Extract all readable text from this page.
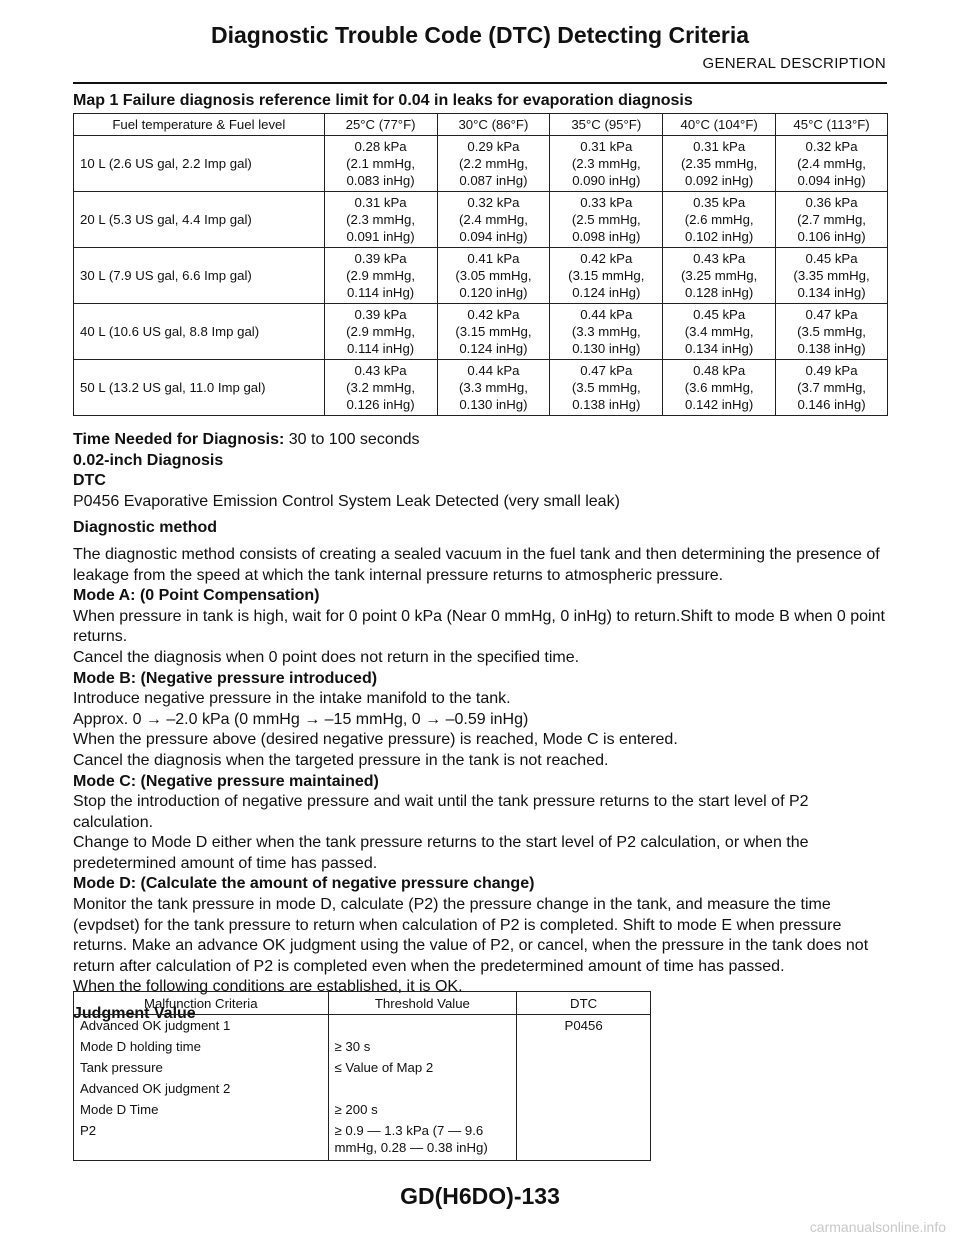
Diagnostic Trouble Code (DTC) Detecting Criteria
GENERAL DESCRIPTION
Map 1 Failure diagnosis reference limit for 0.04 in leaks for evaporation diagnosis
Fuel temperature & Fuel level	25°C (77°F)	30°C (86°F)	35°C (95°F)	40°C (104°F)	45°C (113°F)
10 L (2.6 US gal, 2.2 Imp gal)	0.28 kPa
(2.1 mmHg,
0.083 inHg)	0.29 kPa
(2.2 mmHg,
0.087 inHg)	0.31 kPa
(2.3 mmHg,
0.090 inHg)	0.31 kPa
(2.35 mmHg,
0.092 inHg)	0.32 kPa
(2.4 mmHg,
0.094 inHg)
20 L (5.3 US gal, 4.4 Imp gal)	0.31 kPa
(2.3 mmHg,
0.091 inHg)	0.32 kPa
(2.4 mmHg,
0.094 inHg)	0.33 kPa
(2.5 mmHg,
0.098 inHg)	0.35 kPa
(2.6 mmHg,
0.102 inHg)	0.36 kPa
(2.7 mmHg,
0.106 inHg)
30 L (7.9 US gal, 6.6 Imp gal)	0.39 kPa
(2.9 mmHg,
0.114 inHg)	0.41 kPa
(3.05 mmHg,
0.120 inHg)	0.42 kPa
(3.15 mmHg,
0.124 inHg)	0.43 kPa
(3.25 mmHg,
0.128 inHg)	0.45 kPa
(3.35 mmHg,
0.134 inHg)
40 L (10.6 US gal, 8.8 Imp gal)	0.39 kPa
(2.9 mmHg,
0.114 inHg)	0.42 kPa
(3.15 mmHg,
0.124 inHg)	0.44 kPa
(3.3 mmHg,
0.130 inHg)	0.45 kPa
(3.4 mmHg,
0.134 inHg)	0.47 kPa
(3.5 mmHg,
0.138 inHg)
50 L (13.2 US gal, 11.0 Imp gal)	0.43 kPa
(3.2 mmHg,
0.126 inHg)	0.44 kPa
(3.3 mmHg,
0.130 inHg)	0.47 kPa
(3.5 mmHg,
0.138 inHg)	0.48 kPa
(3.6 mmHg,
0.142 inHg)	0.49 kPa
(3.7 mmHg,
0.146 inHg)

Time Needed for Diagnosis: 30 to 100 seconds

0.02-inch Diagnosis

DTC

P0456 Evaporative Emission Control System Leak Detected (very small leak)

Diagnostic method

The diagnostic method consists of creating a sealed vacuum in the fuel tank and then determining the presence of leakage from the speed at which the tank internal pressure returns to atmospheric pressure.

Mode A: (0 Point Compensation)

When pressure in tank is high, wait for 0 point 0 kPa (Near 0 mmHg, 0 inHg) to return.Shift to mode B when 0 point returns.

Cancel the diagnosis when 0 point does not return in the specified time.

Mode B: (Negative pressure introduced)

Introduce negative pressure in the intake manifold to the tank.

Approx. 0 → –2.0 kPa (0 mmHg → –15 mmHg, 0 → –0.59 inHg)

When the pressure above (desired negative pressure) is reached, Mode C is entered.

Cancel the diagnosis when the targeted pressure in the tank is not reached.

Mode C: (Negative pressure maintained)

Stop the introduction of negative pressure and wait until the tank pressure returns to the start level of P2 calculation.

Change to Mode D either when the tank pressure returns to the start level of P2 calculation, or when the predetermined amount of time has passed.

Mode D: (Calculate the amount of negative pressure change)

Monitor the tank pressure in mode D, calculate (P2) the pressure change in the tank, and measure the time (evpdset) for the tank pressure to return when calculation of P2 is completed. Shift to mode E when pressure returns. Make an advance OK judgment using the value of P2, or cancel, when the pressure in the tank does not return after calculation of P2 is completed even when the predetermined amount of time has passed.

When the following conditions are established, it is OK.

Judgment Value

Malfunction Criteria	Threshold Value	DTC
Advanced OK judgment 1		P0456
Mode D holding time	≥ 30 s	
Tank pressure	≤ Value of Map 2	
Advanced OK judgment 2		
Mode D Time	≥ 200 s	
P2	≥ 0.9 — 1.3 kPa (7 — 9.6 mmHg, 0.28 — 0.38 inHg)	
GD(H6DO)-133
carmanualsonline.info
